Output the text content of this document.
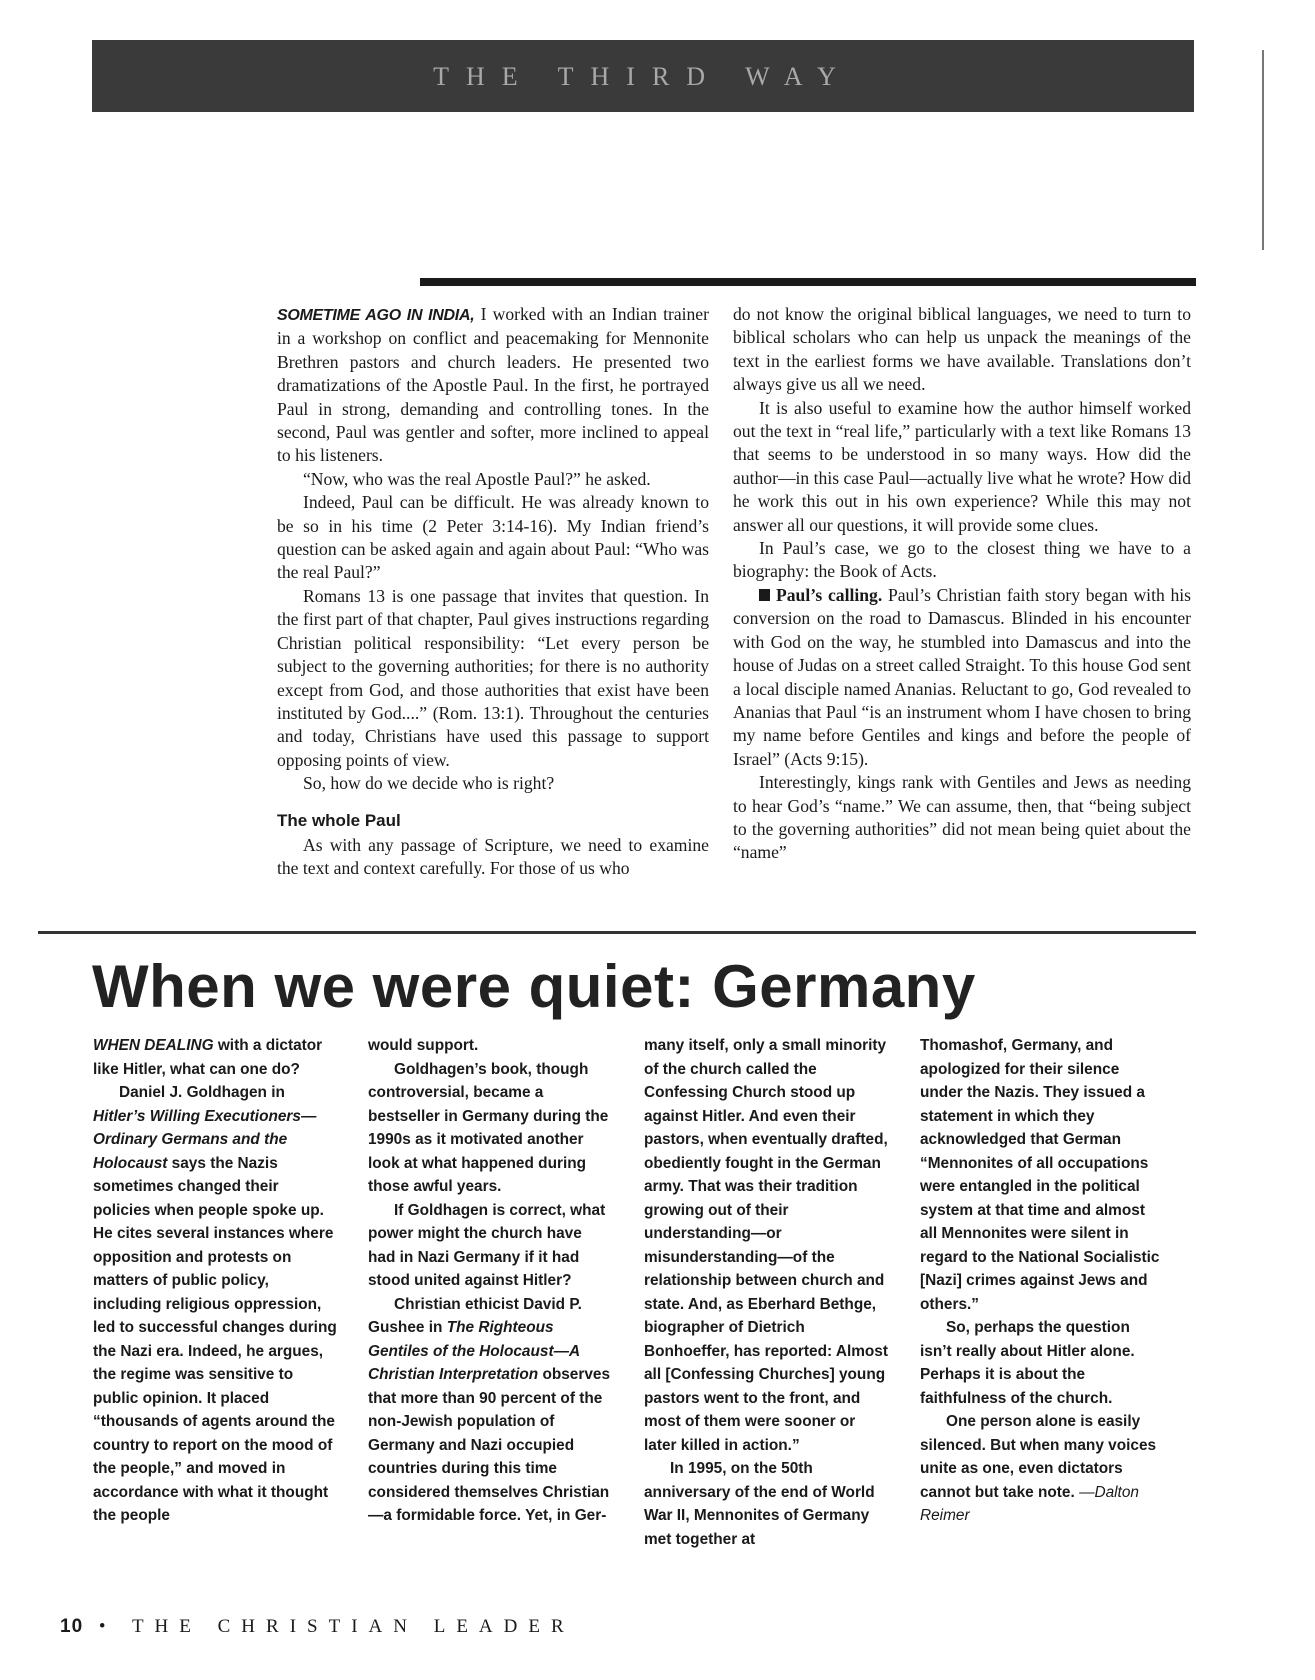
THE THIRD WAY

SOMETIME AGO IN INDIA, I worked with an Indian trainer in a workshop on conflict and peacemaking for Mennonite Brethren pastors and church leaders. He presented two dramatizations of the Apostle Paul. In the first, he portrayed Paul in strong, demanding and controlling tones. In the second, Paul was gentler and softer, more inclined to appeal to his listeners.

“Now, who was the real Apostle Paul?” he asked.

Indeed, Paul can be difficult. He was already known to be so in his time (2 Peter 3:14-16). My Indian friend’s question can be asked again and again about Paul: “Who was the real Paul?”

Romans 13 is one passage that invites that question. In the first part of that chapter, Paul gives instructions regarding Christian political responsibility: “Let every person be subject to the governing authorities; for there is no authority except from God, and those authorities that exist have been instituted by God....” (Rom. 13:1). Throughout the centuries and today, Christians have used this passage to support opposing points of view.

So, how do we decide who is right?

The whole Paul

As with any passage of Scripture, we need to examine the text and context carefully. For those of us who

do not know the original biblical languages, we need to turn to biblical scholars who can help us unpack the meanings of the text in the earliest forms we have available. Translations don’t always give us all we need.

It is also useful to examine how the author himself worked out the text in “real life,” particularly with a text like Romans 13 that seems to be understood in so many ways. How did the author—in this case Paul—actually live what he wrote? How did he work this out in his own experience? While this may not answer all our questions, it will provide some clues.

In Paul’s case, we go to the closest thing we have to a biography: the Book of Acts.

Paul’s calling. Paul’s Christian faith story began with his conversion on the road to Damascus. Blinded in his encounter with God on the way, he stumbled into Damascus and into the house of Judas on a street called Straight. To this house God sent a local disciple named Ananias. Reluctant to go, God revealed to Ananias that Paul “is an instrument whom I have chosen to bring my name before Gentiles and kings and before the people of Israel” (Acts 9:15).

Interestingly, kings rank with Gentiles and Jews as needing to hear God’s “name.” We can assume, then, that “being subject to the governing authorities” did not mean being quiet about the “name”

When we were quiet: Germany

WHEN DEALING with a dictator like Hitler, what can one do?

Daniel J. Goldhagen in Hitler’s Willing Executioners—Ordinary Germans and the Holocaust says the Nazis sometimes changed their policies when people spoke up. He cites several instances where opposition and protests on matters of public policy, including religious oppression, led to successful changes during the Nazi era. Indeed, he argues, the regime was sensitive to public opinion. It placed “thousands of agents around the country to report on the mood of the people,” and moved in accordance with what it thought the people

would support.

Goldhagen’s book, though controversial, became a bestseller in Germany during the 1990s as it motivated another look at what happened during those awful years.

If Goldhagen is correct, what power might the church have had in Nazi Germany if it had stood united against Hitler?

Christian ethicist David P. Gushee in The Righteous Gentiles of the Holocaust—A Christian Interpretation observes that more than 90 percent of the non-Jewish population of Germany and Nazi occupied countries during this time considered themselves Christian—a formidable force. Yet, in Ger-

many itself, only a small minority of the church called the Confessing Church stood up against Hitler. And even their pastors, when eventually drafted, obediently fought in the German army. That was their tradition growing out of their understanding—or misunderstanding—of the relationship between church and state. And, as Eberhard Bethge, biographer of Dietrich Bonhoeffer, has reported: Almost all [Confessing Churches] young pastors went to the front, and most of them were sooner or later killed in action.”

In 1995, on the 50th anniversary of the end of World War II, Mennonites of Germany met together at

Thomashof, Germany, and apologized for their silence under the Nazis. They issued a statement in which they acknowledged that German “Mennonites of all occupations were entangled in the political system at that time and almost all Mennonites were silent in regard to the National Socialistic [Nazi] crimes against Jews and others.”

So, perhaps the question isn’t really about Hitler alone. Perhaps it is about the faithfulness of the church.

One person alone is easily silenced. But when many voices unite as one, even dictators cannot but take note. —Dalton Reimer

10 • THE CHRISTIAN LEADER
